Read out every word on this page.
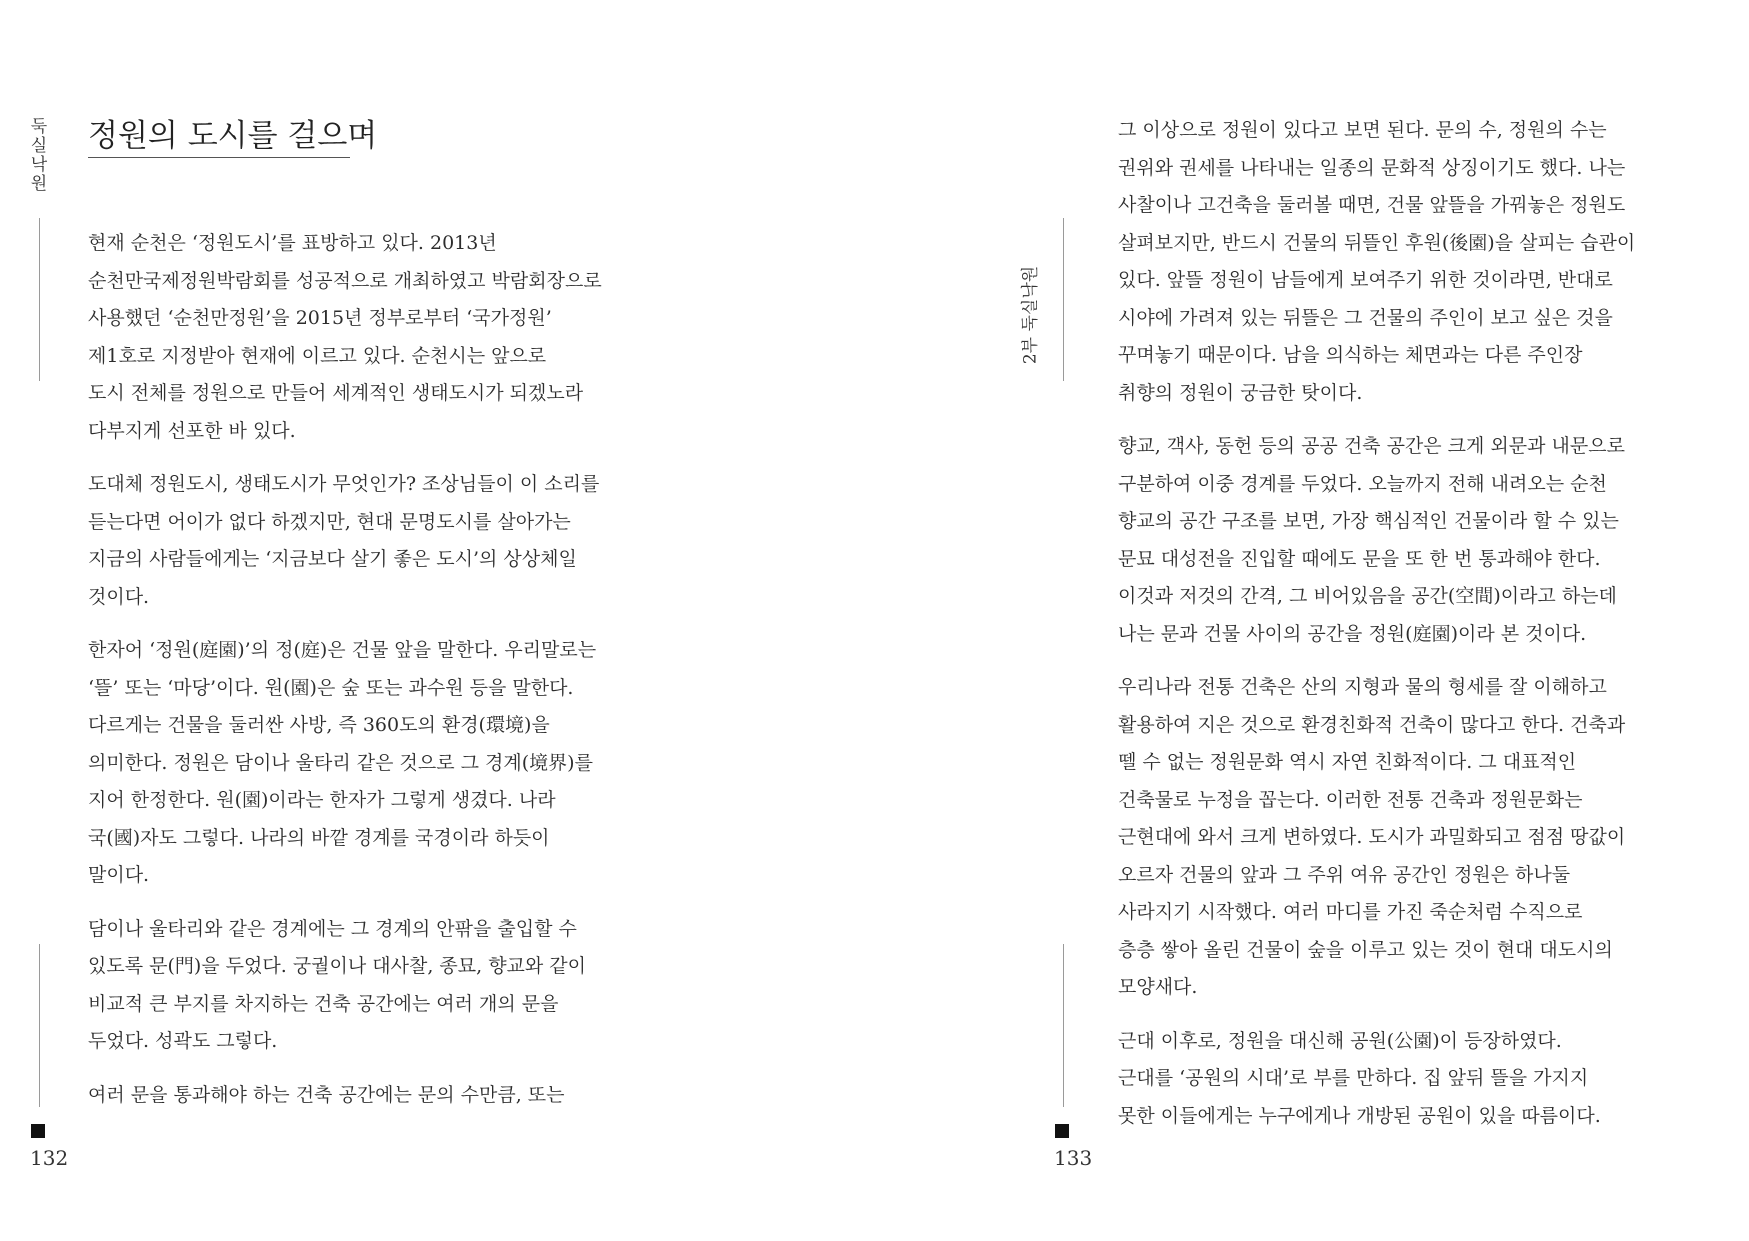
둑실낙원
132
정원의 도시를 걸으며
현재 순천은 ‘정원도시’를 표방하고 있다. 2013년
순천만국제정원박람회를 성공적으로 개최하였고 박람회장으로
사용했던 ‘순천만정원’을 2015년 정부로부터 ‘국가정원’
제1호로 지정받아 현재에 이르고 있다. 순천시는 앞으로
도시 전체를 정원으로 만들어 세계적인 생태도시가 되겠노라
다부지게 선포한 바 있다.
도대체 정원도시, 생태도시가 무엇인가? 조상님들이 이 소리를
듣는다면 어이가 없다 하겠지만, 현대 문명도시를 살아가는
지금의 사람들에게는 ‘지금보다 살기 좋은 도시’의 상상체일
것이다.
한자어 ‘정원(庭園)’의 정(庭)은 건물 앞을 말한다. 우리말로는
‘뜰’ 또는 ‘마당’이다. 원(園)은 숲 또는 과수원 등을 말한다.
다르게는 건물을 둘러싼 사방, 즉 360도의 환경(環境)을
의미한다. 정원은 담이나 울타리 같은 것으로 그 경계(境界)를
지어 한정한다. 원(園)이라는 한자가 그렇게 생겼다. 나라
국(國)자도 그렇다. 나라의 바깥 경계를 국경이라 하듯이
말이다.
담이나 울타리와 같은 경계에는 그 경계의 안팎을 출입할 수
있도록 문(門)을 두었다. 궁궐이나 대사찰, 종묘, 향교와 같이
비교적 큰 부지를 차지하는 건축 공간에는 여러 개의 문을
두었다. 성곽도 그렇다.
여러 문을 통과해야 하는 건축 공간에는 문의 수만큼, 또는
2부 둑실낙원
133
그 이상으로 정원이 있다고 보면 된다. 문의 수, 정원의 수는
권위와 권세를 나타내는 일종의 문화적 상징이기도 했다. 나는
사찰이나 고건축을 둘러볼 때면, 건물 앞뜰을 가꿔놓은 정원도
살펴보지만, 반드시 건물의 뒤뜰인 후원(後園)을 살피는 습관이
있다. 앞뜰 정원이 남들에게 보여주기 위한 것이라면, 반대로
시야에 가려져 있는 뒤뜰은 그 건물의 주인이 보고 싶은 것을
꾸며놓기 때문이다. 남을 의식하는 체면과는 다른 주인장
취향의 정원이 궁금한 탓이다.
향교, 객사, 동헌 등의 공공 건축 공간은 크게 외문과 내문으로
구분하여 이중 경계를 두었다. 오늘까지 전해 내려오는 순천
향교의 공간 구조를 보면, 가장 핵심적인 건물이라 할 수 있는
문묘 대성전을 진입할 때에도 문을 또 한 번 통과해야 한다.
이것과 저것의 간격, 그 비어있음을 공간(空間)이라고 하는데
나는 문과 건물 사이의 공간을 정원(庭園)이라 본 것이다.
우리나라 전통 건축은 산의 지형과 물의 형세를 잘 이해하고
활용하여 지은 것으로 환경친화적 건축이 많다고 한다. 건축과
뗄 수 없는 정원문화 역시 자연 친화적이다. 그 대표적인
건축물로 누정을 꼽는다. 이러한 전통 건축과 정원문화는
근현대에 와서 크게 변하였다. 도시가 과밀화되고 점점 땅값이
오르자 건물의 앞과 그 주위 여유 공간인 정원은 하나둘
사라지기 시작했다. 여러 마디를 가진 죽순처럼 수직으로
층층 쌓아 올린 건물이 숲을 이루고 있는 것이 현대 대도시의
모양새다.
근대 이후로, 정원을 대신해 공원(公園)이 등장하였다.
근대를 ‘공원의 시대’로 부를 만하다. 집 앞뒤 뜰을 가지지
못한 이들에게는 누구에게나 개방된 공원이 있을 따름이다.
